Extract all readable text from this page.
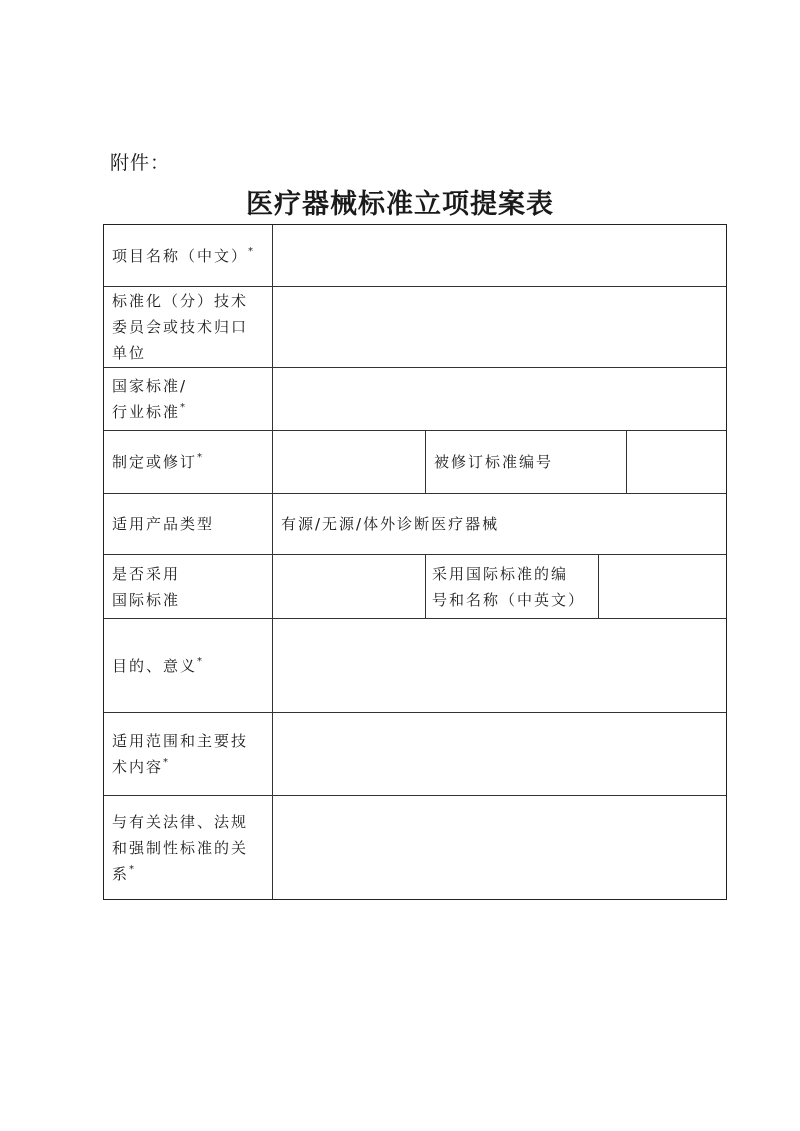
附件：
医疗器械标准立项提案表
项目名称（中文）*
标准化（分）技术
委员会或技术归口
单位
国家标准/
行业标准*
制定或修订*	被修订标准编号
适用产品类型	有源/无源/体外诊断医疗器械
是否采用
国际标准
采用国际标准的编
号和名称（中英文）
目的、意义*
适用范围和主要技
术内容*
与有关法律、法规
和强制性标准的关
系*
